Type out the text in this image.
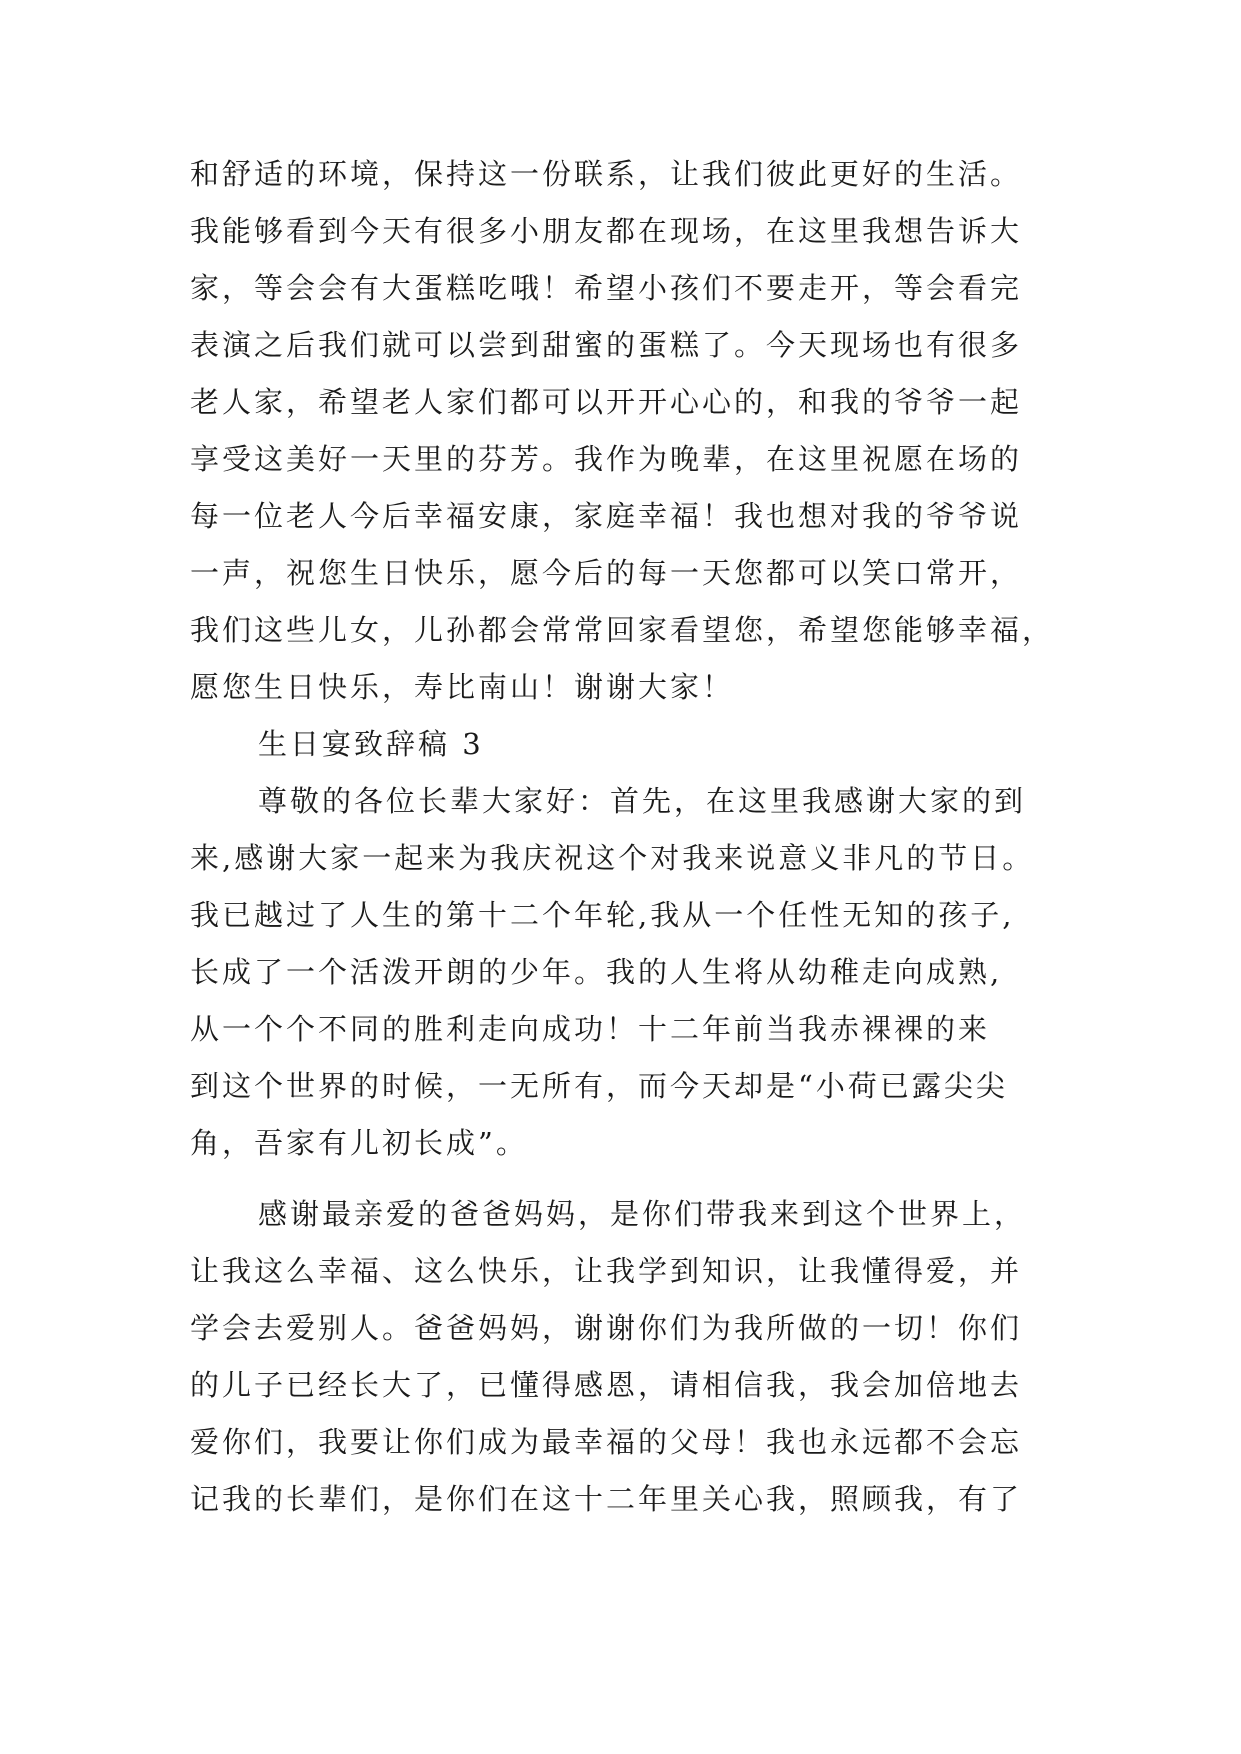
和舒适的环境，保持这一份联系，让我们彼此更好的生活。
我能够看到今天有很多小朋友都在现场，在这里我想告诉大
家，等会会有大蛋糕吃哦！希望小孩们不要走开，等会看完
表演之后我们就可以尝到甜蜜的蛋糕了。今天现场也有很多
老人家，希望老人家们都可以开开心心的，和我的爷爷一起
享受这美好一天里的芬芳。我作为晚辈，在这里祝愿在场的
每一位老人今后幸福安康，家庭幸福！我也想对我的爷爷说
一声，祝您生日快乐，愿今后的每一天您都可以笑口常开，
我们这些儿女，儿孙都会常常回家看望您，希望您能够幸福，
愿您生日快乐，寿比南山！谢谢大家！
生日宴致辞稿 3
尊敬的各位长辈大家好：首先，在这里我感谢大家的到
来,感谢大家一起来为我庆祝这个对我来说意义非凡的节日。
我已越过了人生的第十二个年轮,我从一个任性无知的孩子,
长成了一个活泼开朗的少年。我的人生将从幼稚走向成熟,
从一个个不同的胜利走向成功！十二年前当我赤裸裸的来
到这个世界的时候，一无所有，而今天却是“小荷已露尖尖
角，吾家有儿初长成”。
感谢最亲爱的爸爸妈妈，是你们带我来到这个世界上，
让我这么幸福、这么快乐，让我学到知识，让我懂得爱，并
学会去爱别人。爸爸妈妈，谢谢你们为我所做的一切！你们
的儿子已经长大了，已懂得感恩，请相信我，我会加倍地去
爱你们，我要让你们成为最幸福的父母！我也永远都不会忘
记我的长辈们，是你们在这十二年里关心我，照顾我，有了
